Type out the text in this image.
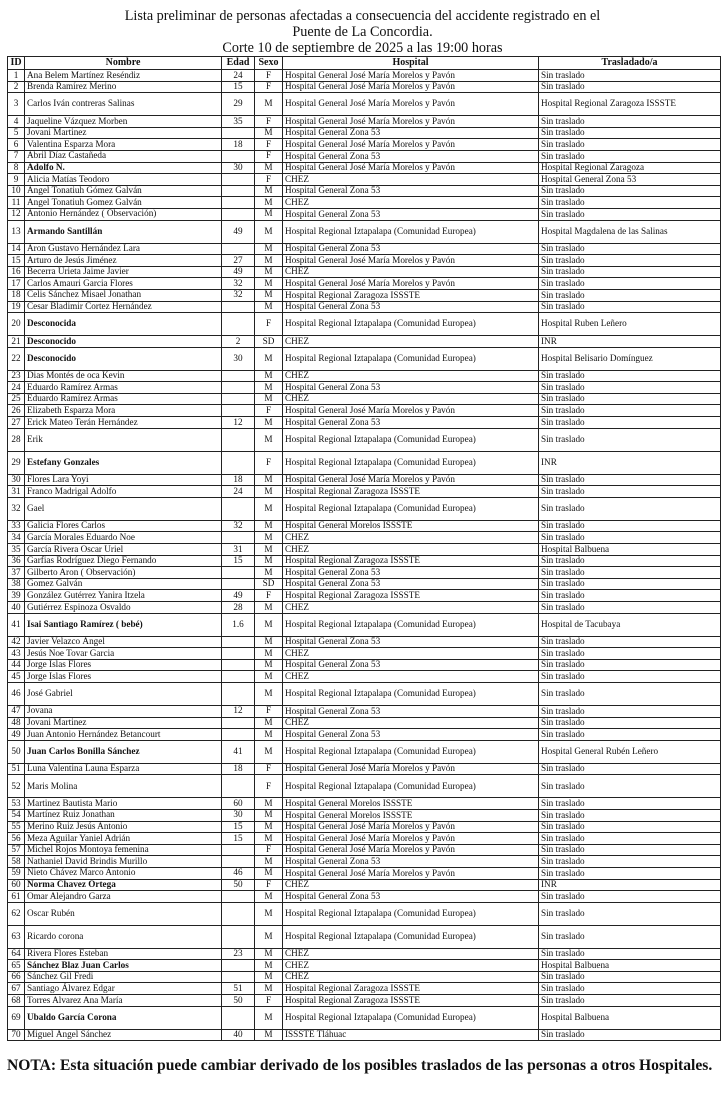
Lista preliminar de personas afectadas a consecuencia del accidente registrado en el
Puente de La Concordia.
Corte 10 de septiembre de 2025 a las 19:00 horas
ID	Nombre	Edad	Sexo	Hospital	Trasladado/a
1	Ana Belem Martínez Reséndiz	24	F	Hospital General José María Morelos y Pavón	Sin traslado
2	Brenda Ramírez Merino	15	F	Hospital General José María Morelos y Pavón	Sin traslado
3	Carlos Iván contreras Salinas	29	M	Hospital General José María Morelos y Pavón	Hospital Regional Zaragoza ISSSTE
4	Jaqueline Vázquez Morben	35	F	Hospital General José María Morelos y Pavón	Sin traslado
5	Jovani Martinez		M	Hospital General Zona 53	Sin traslado
6	Valentina Esparza Mora	18	F	Hospital General José María Morelos y Pavón	Sin traslado
7	Abril Díaz Castañeda		F	Hospital General Zona 53	Sin traslado
8	Adolfo N.	30	M	Hospital General José María Morelos y Pavón	Hospital Regional Zaragoza
9	Alicia Matías Teodoro		F	CHEZ	Hospital General Zona 53
10	Angel Tonatiuh Gómez Galván		M	Hospital General Zona 53	Sin traslado
11	Angel Tonatiuh Gomez Galván		M	CHEZ	Sin traslado
12	Antonio Hernández ( Observación)		M	Hospital General Zona 53	Sin traslado
13	Armando Santillán	49	M	Hospital Regional Iztapalapa (Comunidad Europea)	Hospital Magdalena de las Salinas
14	Aron Gustavo Hernández Lara		M	Hospital General Zona 53	Sin traslado
15	Arturo de Jesús Jiménez	27	M	Hospital General José María Morelos y Pavón	Sin traslado
16	Becerra Urieta Jaime Javier	49	M	CHEZ	Sin traslado
17	Carlos Amauri Garcia Flores	32	M	Hospital General José María Morelos y Pavón	Sin traslado
18	Celis Sánchez Misael Jonathan	32	M	Hospital Regional Zaragoza ISSSTE	Sin traslado
19	Cesar Bladimir Cortez Hernández		M	Hospital General Zona 53	Sin traslado
20	Desconocida		F	Hospital Regional Iztapalapa (Comunidad Europea)	Hospital Ruben Leñero
21	Desconocido	2	SD	CHEZ	INR
22	Desconocido	30	M	Hospital Regional Iztapalapa (Comunidad Europea)	Hospital Belisario Domínguez
23	Dias Montés de oca Kevin		M	CHEZ	Sin traslado
24	Eduardo Ramírez Armas		M	Hospital General Zona 53	Sin traslado
25	Eduardo Ramírez Armas		M	CHEZ	Sin traslado
26	Elizabeth Esparza Mora		F	Hospital General José María Morelos y Pavón	Sin traslado
27	Erick Mateo Terán Hernández	12	M	Hospital General Zona 53	Sin traslado
28	Erik		M	Hospital Regional Iztapalapa (Comunidad Europea)	Sin traslado
29	Estefany Gonzales		F	Hospital Regional Iztapalapa (Comunidad Europea)	INR
30	Flores Lara Yoyi	18	M	Hospital General José María Morelos y Pavón	Sin traslado
31	Franco Madrigal Adolfo	24	M	Hospital Regional Zaragoza ISSSTE	Sin traslado
32	Gael		M	Hospital Regional Iztapalapa (Comunidad Europea)	Sin traslado
33	Galicia Flores Carlos	32	M	Hospital General Morelos ISSSTE	Sin traslado
34	García Morales Eduardo Noe		M	CHEZ	Sin traslado
35	García Rivera Oscar Uriel	31	M	CHEZ	Hospital Balbuena
36	Garfias Rodríguez Diego Fernando	15	M	Hospital Regional Zaragoza ISSSTE	Sin traslado
37	Gilberto Aron ( Observación)		M	Hospital General Zona 53	Sin traslado
38	Gomez Galván		SD	Hospital General Zona 53	Sin traslado
39	González Gutérrez Yanira Itzela	49	F	Hospital Regional Zaragoza ISSSTE	Sin traslado
40	Gutiérrez Espinoza Osvaldo	28	M	CHEZ	Sin traslado
41	Isai Santiago Ramírez ( bebé)	1.6	M	Hospital Regional Iztapalapa (Comunidad Europea)	Hospital de Tacubaya
42	Javier Velazco Ángel		M	Hospital General Zona 53	Sin traslado
43	Jesús Noe Tovar Garcia		M	CHEZ	Sin traslado
44	Jorge Islas Flores		M	Hospital General Zona 53	Sin traslado
45	Jorge Islas Flores		M	CHEZ	Sin traslado
46	José Gabriel		M	Hospital Regional Iztapalapa (Comunidad Europea)	Sin traslado
47	Jovana	12	F	Hospital General Zona 53	Sin traslado
48	Jovani Martinez		M	CHEZ	Sin traslado
49	Juan Antonio Hernández Betancourt		M	Hospital General Zona 53	Sin traslado
50	Juan Carlos Bonilla Sánchez	41	M	Hospital Regional Iztapalapa (Comunidad Europea)	Hospital General Rubén Leñero
51	Luna Valentina Launa Esparza	18	F	Hospital General José María Morelos y Pavón	Sin traslado
52	Maris Molina		F	Hospital Regional Iztapalapa (Comunidad Europea)	Sin traslado
53	Martinez Bautista Mario	60	M	Hospital General Morelos ISSSTE	Sin traslado
54	Martínez Ruiz Jonathan	30	M	Hospital General Morelos ISSSTE	Sin traslado
55	Merino Ruiz Jesús Antonio	15	M	Hospital General José María Morelos y Pavón	Sin traslado
56	Meza Aguilar Yaniel Adrián	15	M	Hospital General José María Morelos y Pavón	Sin traslado
57	Michel Rojos Montoya femenina		F	Hospital General José María Morelos y Pavón	Sin traslado
58	Nathaniel David Brindis Murillo		M	Hospital General Zona 53	Sin traslado
59	Nieto Chávez Marco Antonio	46	M	Hospital General José María Morelos y Pavón	Sin traslado
60	Norma Chavez Ortega	50	F	CHEZ	INR
61	Omar Alejandro Garza		M	Hospital General Zona 53	Sin traslado
62	Oscar Rubén		M	Hospital Regional Iztapalapa (Comunidad Europea)	Sin traslado
63	Ricardo corona		M	Hospital Regional Iztapalapa (Comunidad Europea)	Sin traslado
64	Rivera Flores Esteban	23	M	CHEZ	Sin traslado
65	Sánchez Blaz Juan Carlos		M	CHEZ	Hospital Balbuena
66	Sánchez Gil Fredi		M	CHEZ	Sin traslado
67	Santiago Álvarez Edgar	51	M	Hospital Regional Zaragoza ISSSTE	Sin traslado
68	Torres Alvarez Ana María	50	F	Hospital Regional Zaragoza ISSSTE	Sin traslado
69	Ubaldo García Corona		M	Hospital Regional Iztapalapa (Comunidad Europea)	Hospital Balbuena
70	Miguel Ángel Sánchez	40	M	ISSSTE Tláhuac	Sin traslado
NOTA: Esta situación puede cambiar derivado de los posibles traslados de las personas a otros Hospitales.
